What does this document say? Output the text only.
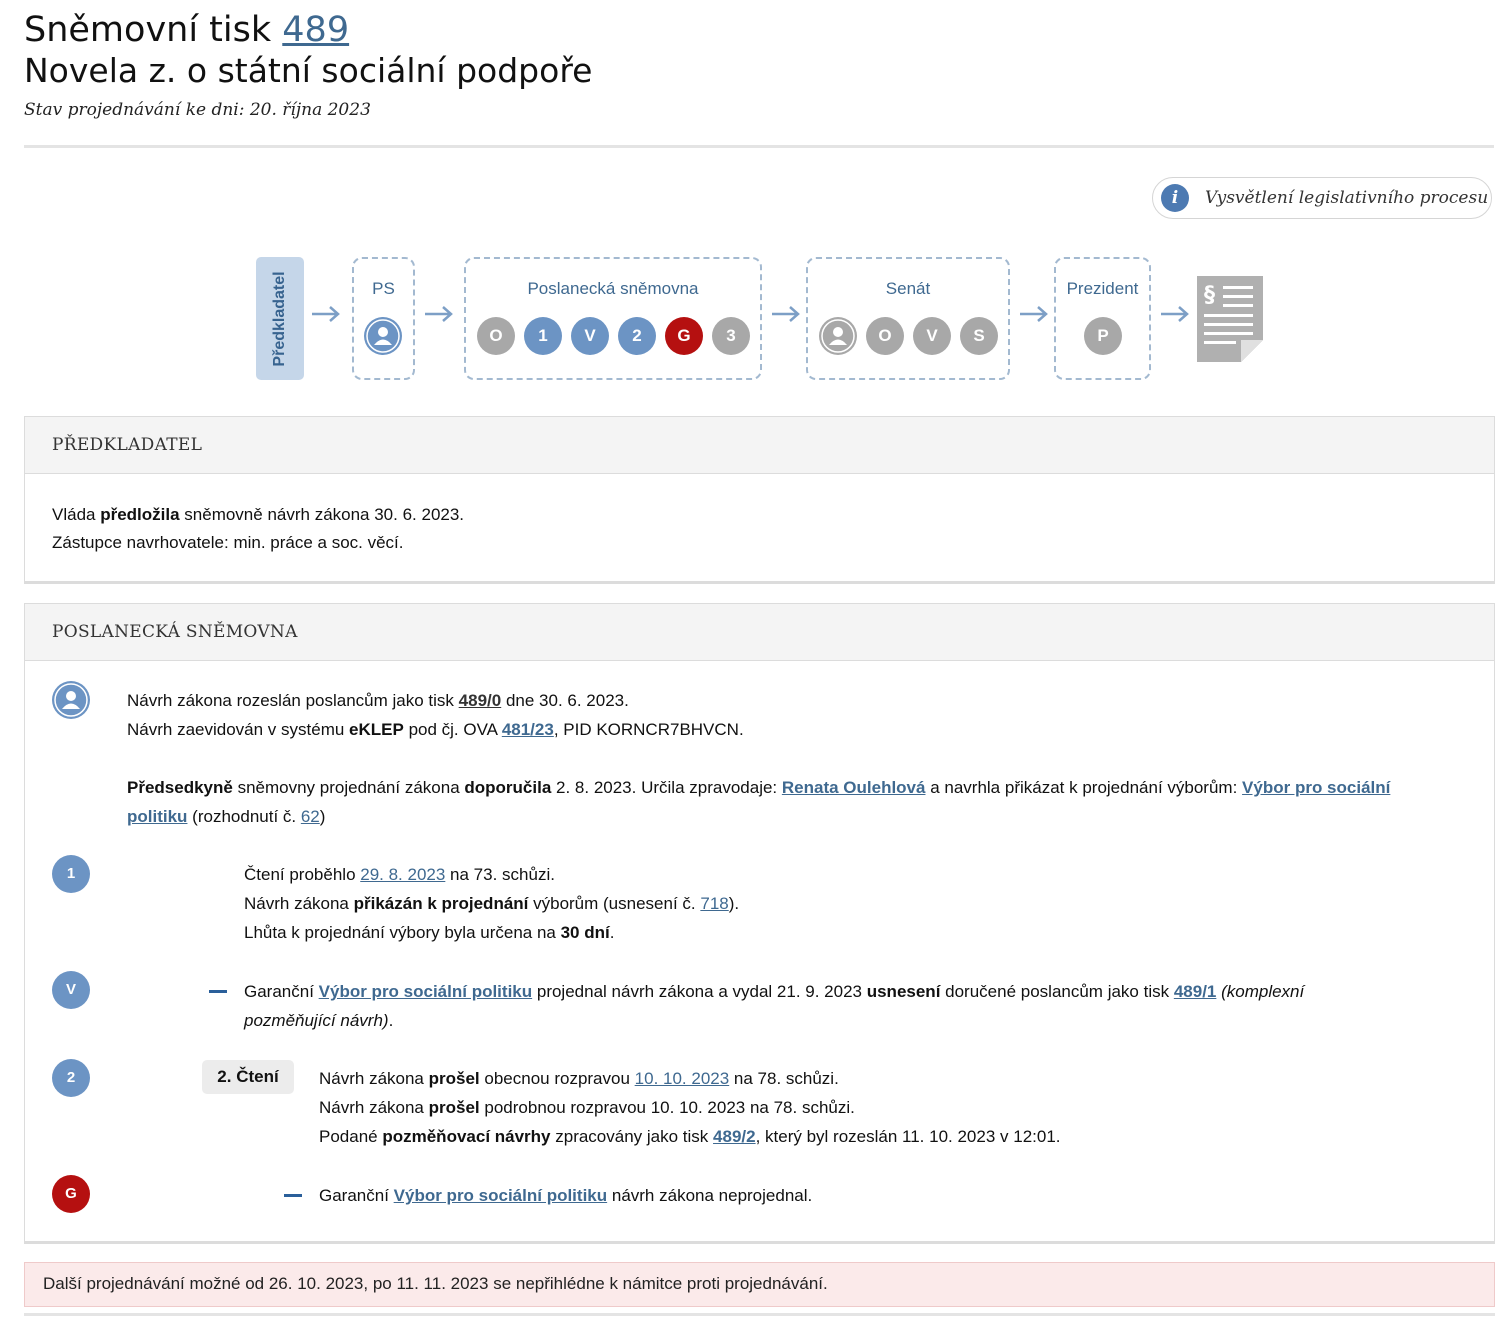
Sněmovní tisk 489
Novela z. o státní sociální podpoře
Stav projednávání ke dni: 20. října 2023
i	Vysvětlení legislativního procesu
Předkladatel	PS	Poslanecká sněmovna
O	1	V	2	G	3
Senát
O	V	S
Prezident
P
§
PŘEDKLADATEL
Vláda předložila sněmovně návrh zákona 30. 6. 2023.
Zástupce navrhovatele: min. práce a soc. věcí.
POSLANECKÁ SNĚMOVNA
Návrh zákona rozeslán poslancům jako tisk 489/0 dne 30. 6. 2023.
Návrh zaevidován v systému eKLEP pod čj. OVA 481/23, PID KORNCR7BHVCN.
Předsedkyně sněmovny projednání zákona doporučila 2. 8. 2023. Určila zpravodaje: Renata Oulehlová a navrhla přikázat k projednání výborům: Výbor pro sociální
politiku (rozhodnutí č. 62)
1	Čtení proběhlo 29. 8. 2023 na 73. schůzi.
Návrh zákona přikázán k projednání výborům (usnesení č. 718).
Lhůta k projednání výbory byla určena na 30 dní.
V	Garanční Výbor pro sociální politiku projednal návrh zákona a vydal 21. 9. 2023 usnesení doručené poslancům jako tisk 489/1 (komplexní
pozměňující návrh).
2	2. Čtení	Návrh zákona prošel obecnou rozpravou 10. 10. 2023 na 78. schůzi.
Návrh zákona prošel podrobnou rozpravou 10. 10. 2023 na 78. schůzi.
Podané pozměňovací návrhy zpracovány jako tisk 489/2, který byl rozeslán 11. 10. 2023 v 12:01.
G	Garanční Výbor pro sociální politiku návrh zákona neprojednal.
Další projednávání možné od 26. 10. 2023, po 11. 11. 2023 se nepřihlédne k námitce proti projednávání.
